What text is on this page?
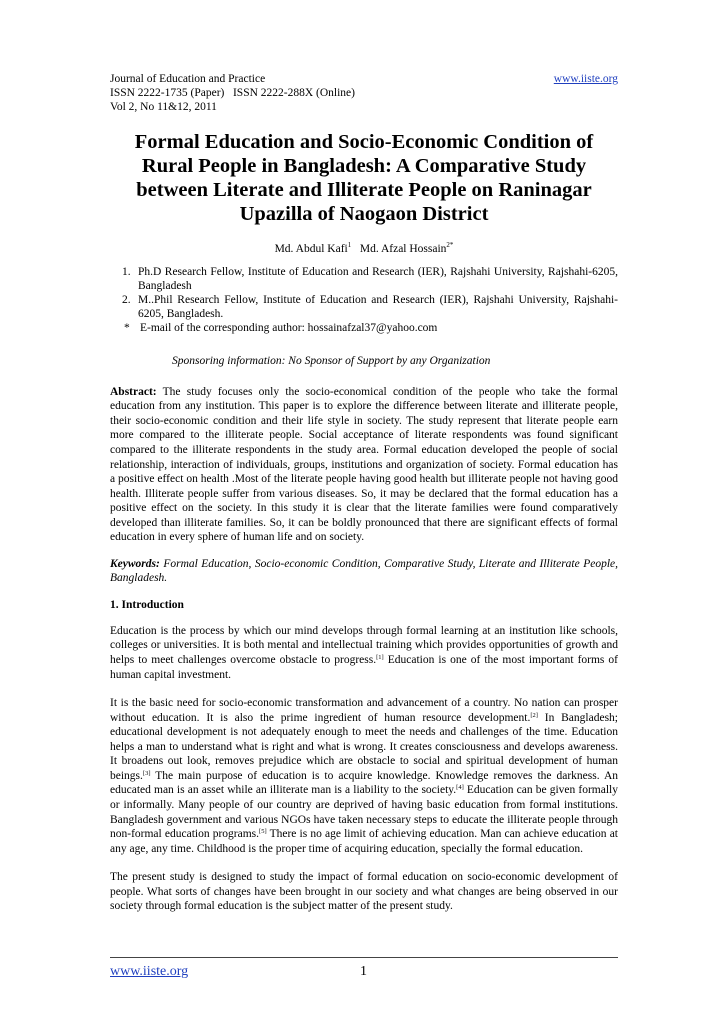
Journal of Education and Practice	www.iiste.org
ISSN 2222-1735 (Paper)   ISSN 2222-288X (Online)
Vol 2, No 11&12, 2011
Formal Education and Socio-Economic Condition of Rural People in Bangladesh: A Comparative Study between Literate and Illiterate People on Raninagar Upazilla of Naogaon District
Md. Abdul Kafi$^1$ Md. Afzal Hossain$^{2*}$
1. Ph.D Research Fellow, Institute of Education and Research (IER), Rajshahi University, Rajshahi-6205, Bangladesh
2. M..Phil Research Fellow, Institute of Education and Research (IER), Rajshahi University, Rajshahi-6205, Bangladesh.
* E-mail of the corresponding author: hossainafzal37@yahoo.com
Sponsoring information: No Sponsor of Support by any Organization

Abstract: The study focuses only the socio-economical condition of the people who take the formal education from any institution. This paper is to explore the difference between literate and illiterate people, their socio-economic condition and their life style in society. The study represent that literate people earn more compared to the illiterate people. Social acceptance of literate respondents was found significant compared to the illiterate respondents in the study area. Formal education developed the people of social relationship, interaction of individuals, groups, institutions and organization of society. Formal education has a positive effect on health .Most of the literate people having good health but illiterate people not having good health. Illiterate people suffer from various diseases. So, it may be declared that the formal education has a positive effect on the society. In this study it is clear that the literate families were found comparatively developed than illiterate families. So, it can be boldly pronounced that there are significant effects of formal education in every sphere of human life and on society.

Keywords: Formal Education, Socio-economic Condition, Comparative Study, Literate and Illiterate People, Bangladesh.

1. Introduction

Education is the process by which our mind develops through formal learning at an institution like schools, colleges or universities. It is both mental and intellectual training which provides opportunities of growth and helps to meet challenges overcome obstacle to progress.[1] Education is one of the most important forms of human capital investment.

It is the basic need for socio-economic transformation and advancement of a country. No nation can prosper without education. It is also the prime ingredient of human resource development.[2] In Bangladesh; educational development is not adequately enough to meet the needs and challenges of the time. Education helps a man to understand what is right and what is wrong. It creates consciousness and develops awareness. It broadens out look, removes prejudice which are obstacle to social and spiritual development of human beings.[3] The main purpose of education is to acquire knowledge. Knowledge removes the darkness. An educated man is an asset while an illiterate man is a liability to the society.[4] Education can be given formally or informally. Many people of our country are deprived of having basic education from formal institutions. Bangladesh government and various NGOs have taken necessary steps to educate the illiterate people through non-formal education programs.[5] There is no age limit of achieving education. Man can achieve education at any age, any time. Childhood is the proper time of acquiring education, specially the formal education.

The present study is designed to study the impact of formal education on socio-economic development of people. What sorts of changes have been brought in our society and what changes are being observed in our society through formal education is the subject matter of the present study.

www.iiste.org	1
